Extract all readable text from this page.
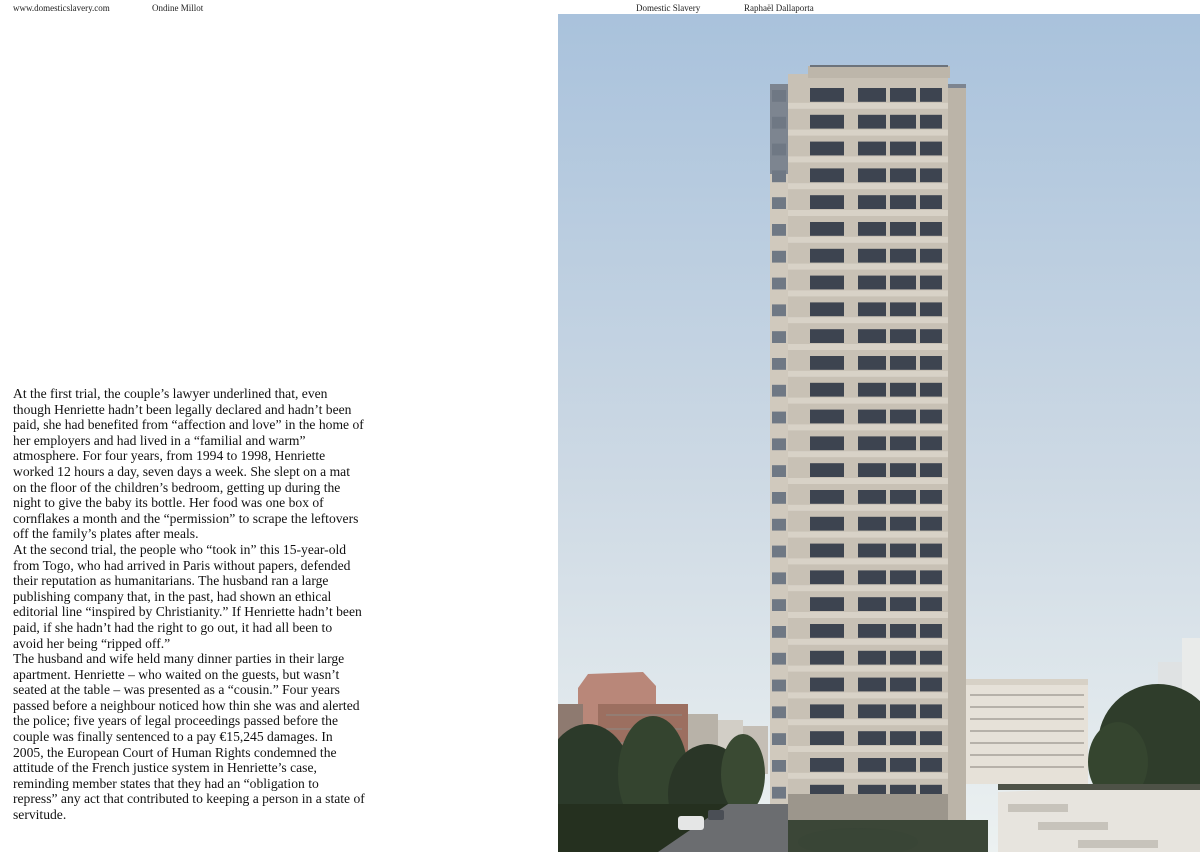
www.domesticslavery.com	Ondine Millot	Domestic Slavery	Raphaël Dallaporta

At the first trial, the couple’s lawyer underlined that, even though Henriette hadn’t been legally declared and hadn’t been paid, she had benefited from “affection and love” in the home of her employers and had lived in a “familial and warm” atmosphere. For four years, from 1994 to 1998, Henriette worked 12 hours a day, seven days a week. She slept on a mat on the floor of the children’s bedroom, getting up during the night to give the baby its bottle. Her food was one box of cornflakes a month and the “permission” to scrape the leftovers off the family’s plates after meals.

At the second trial, the people who “took in” this 15-year-old from Togo, who had arrived in Paris without papers, defended their reputation as humanitarians. The husband ran a large publishing company that, in the past, had shown an ethical editorial line “inspired by Christianity.” If Henriette hadn’t been paid, if she hadn’t had the right to go out, it had all been to avoid her being “ripped off.”

The husband and wife held many dinner parties in their large apartment. Henriette – who waited on the guests, but wasn’t seated at the table – was presented as a “cousin.” Four years passed before a neighbour noticed how thin she was and alerted the police; five years of legal proceedings passed before the couple was finally sentenced to a pay €15,245 damages. In 2005, the European Court of Human Rights condemned the attitude of the French justice system in Henriette’s case, reminding member states that they had an “obligation to repress” any act that contributed to keeping a person in a state of servitude.
